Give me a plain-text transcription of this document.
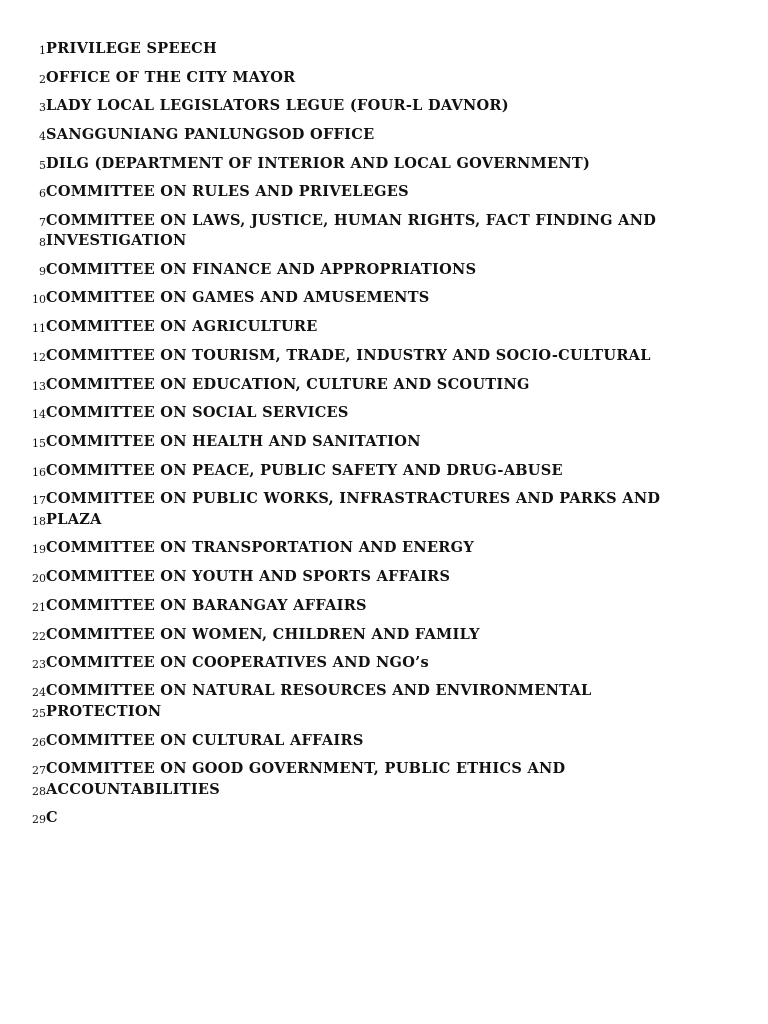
1 PRIVILEGE SPEECH
2 OFFICE OF THE CITY MAYOR
3 LADY LOCAL LEGISLATORS LEGUE (FOUR-L DAVNOR)
4 SANGGUNIANG PANLUNGSOD OFFICE
5 DILG (DEPARTMENT OF INTERIOR AND LOCAL GOVERNMENT)
6 COMMITTEE ON RULES AND PRIVELEGES
7 COMMITTEE ON LAWS, JUSTICE, HUMAN RIGHTS, FACT FINDING AND
8 INVESTIGATION
9 COMMITTEE ON FINANCE AND APPROPRIATIONS
10 COMMITTEE ON GAMES AND AMUSEMENTS
11 COMMITTEE ON AGRICULTURE
12 COMMITTEE ON TOURISM, TRADE, INDUSTRY AND SOCIO-CULTURAL
13 COMMITTEE ON EDUCATION, CULTURE AND SCOUTING
14 COMMITTEE ON SOCIAL SERVICES
15 COMMITTEE ON HEALTH AND SANITATION
16 COMMITTEE ON PEACE, PUBLIC SAFETY AND DRUG-ABUSE
17 COMMITTEE ON PUBLIC WORKS, INFRASTRACTURES AND PARKS AND
18 PLAZA
19 COMMITTEE ON TRANSPORTATION AND ENERGY
20 COMMITTEE ON YOUTH AND SPORTS AFFAIRS
21 COMMITTEE ON BARANGAY AFFAIRS
22 COMMITTEE ON WOMEN, CHILDREN AND FAMILY
23 COMMITTEE ON COOPERATIVES AND NGO’s
24 COMMITTEE ON NATURAL RESOURCES AND ENVIRONMENTAL
25 PROTECTION
26 COMMITTEE ON CULTURAL AFFAIRS
27 COMMITTEE ON GOOD GOVERNMENT, PUBLIC ETHICS AND
28 ACCOUNTABILITIES
29 C
